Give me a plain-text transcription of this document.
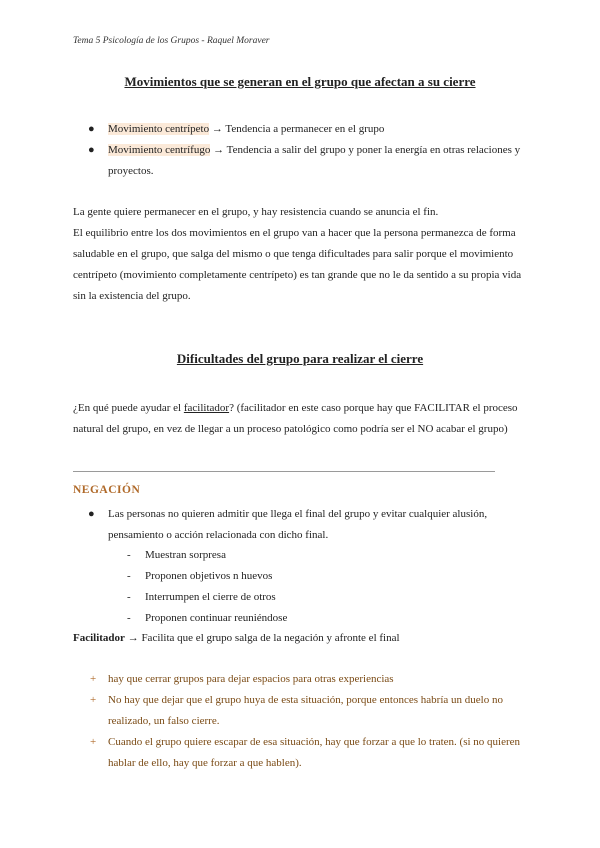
Tema 5 Psicología de los Grupos - Raquel Moraver
Movimientos que se generan en el grupo que afectan a su cierre
● Movimiento centrípeto → Tendencia a permanecer en el grupo
● Movimiento centrífugo → Tendencia a salir del grupo y poner la energía en otras relaciones y proyectos.
La gente quiere permanecer en el grupo, y hay resistencia cuando se anuncia el fin.
El equilibrio entre los dos movimientos en el grupo van a hacer que la persona permanezca de forma saludable en el grupo, que salga del mismo o que tenga dificultades para salir porque el movimiento centrípeto (movimiento completamente centrípeto) es tan grande que no le da sentido a su propia vida sin la existencia del grupo.
Dificultades del grupo para realizar el cierre
¿En qué puede ayudar el facilitador? (facilitador en este caso porque hay que FACILITAR el proceso natural del grupo, en vez de llegar a un proceso patológico como podría ser el NO acabar el grupo)
NEGACIÓN
● Las personas no quieren admitir que llega el final del grupo y evitar cualquier alusión, pensamiento o acción relacionada con dicho final.
- Muestran sorpresa
- Proponen objetivos n huevos
- Interrumpen el cierre de otros
- Proponen continuar reuniéndose
Facilitador → Facilita que el grupo salga de la negación y afronte el final
+ hay que cerrar grupos para dejar espacios para otras experiencias
+ No hay que dejar que el grupo huya de esta situación, porque entonces habría un duelo no realizado, un falso cierre.
+ Cuando el grupo quiere escapar de esa situación, hay que forzar a que lo traten. (si no quieren hablar de ello, hay que forzar a que hablen).
